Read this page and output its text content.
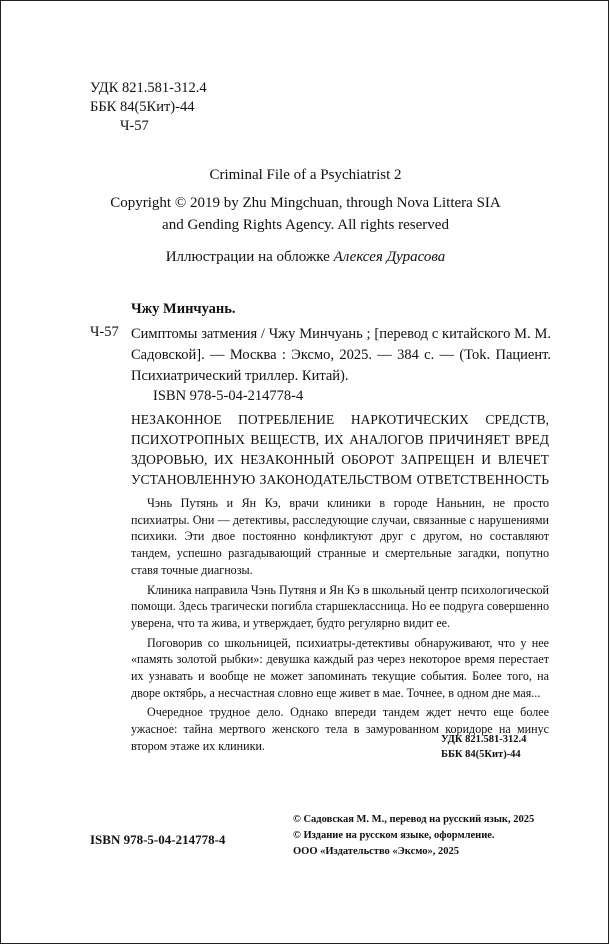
УДК 821.581-312.4
ББК 84(5Кит)-44
Ч-57
Criminal File of a Psychiatrist 2
Copyright © 2019 by Zhu Mingchuan, through Nova Littera SIA
and Gending Rights Agency. All rights reserved
Иллюстрации на обложке Алексея Дурасова
Чжу Минчуань.
Ч-57 Симптомы затмения / Чжу Минчуань ; [перевод с китайского М. М. Садовской]. — Москва : Эксмо, 2025. — 384 с. — (Tok. Пациент. Психиатрический триллер. Китай).
ISBN 978-5-04-214778-4
НЕЗАКОННОЕ ПОТРЕБЛЕНИЕ НАРКОТИЧЕСКИХ СРЕДСТВ, ПСИХОТРОПНЫХ ВЕЩЕСТВ, ИХ АНАЛОГОВ ПРИЧИНЯЕТ ВРЕД ЗДОРОВЬЮ, ИХ НЕЗАКОННЫЙ ОБОРОТ ЗАПРЕЩЕН И ВЛЕЧЕТ УСТАНОВЛЕННУЮ ЗАКОНОДАТЕЛЬСТВОМ ОТВЕТСТВЕННОСТЬ

Чэнь Путянь и Ян Кэ, врачи клиники в городе Наньнин, не просто психиатры. Они — детективы, расследующие случаи, связанные с нарушениями психики. Эти двое постоянно конфликтуют друг с другом, но составляют тандем, успешно разгадывающий странные и смертельные загадки, попутно ставя точные диагнозы.

Клиника направила Чэнь Путяня и Ян Кэ в школьный центр психологической помощи. Здесь трагически погибла старшеклассница. Но ее подруга совершенно уверена, что та жива, и утверждает, будто регулярно видит ее.

Поговорив со школьницей, психиатры-детективы обнаруживают, что у нее «память золотой рыбки»: девушка каждый раз через некоторое время перестает их узнавать и вообще не может запоминать текущие события. Более того, на дворе октябрь, а несчастная словно еще живет в мае. Точнее, в одном дне мая...

Очередное трудное дело. Однако впереди тандем ждет нечто еще более ужасное: тайна мертвого женского тела в замурованном коридоре на минус втором этаже их клиники.	УДК 821.581-312.4
ББК 84(5Кит)-44
ISBN 978-5-04-214778-4
© Садовская М. М., перевод на русский язык, 2025
© Издание на русском языке, оформление.
ООО «Издательство «Эксмо», 2025
